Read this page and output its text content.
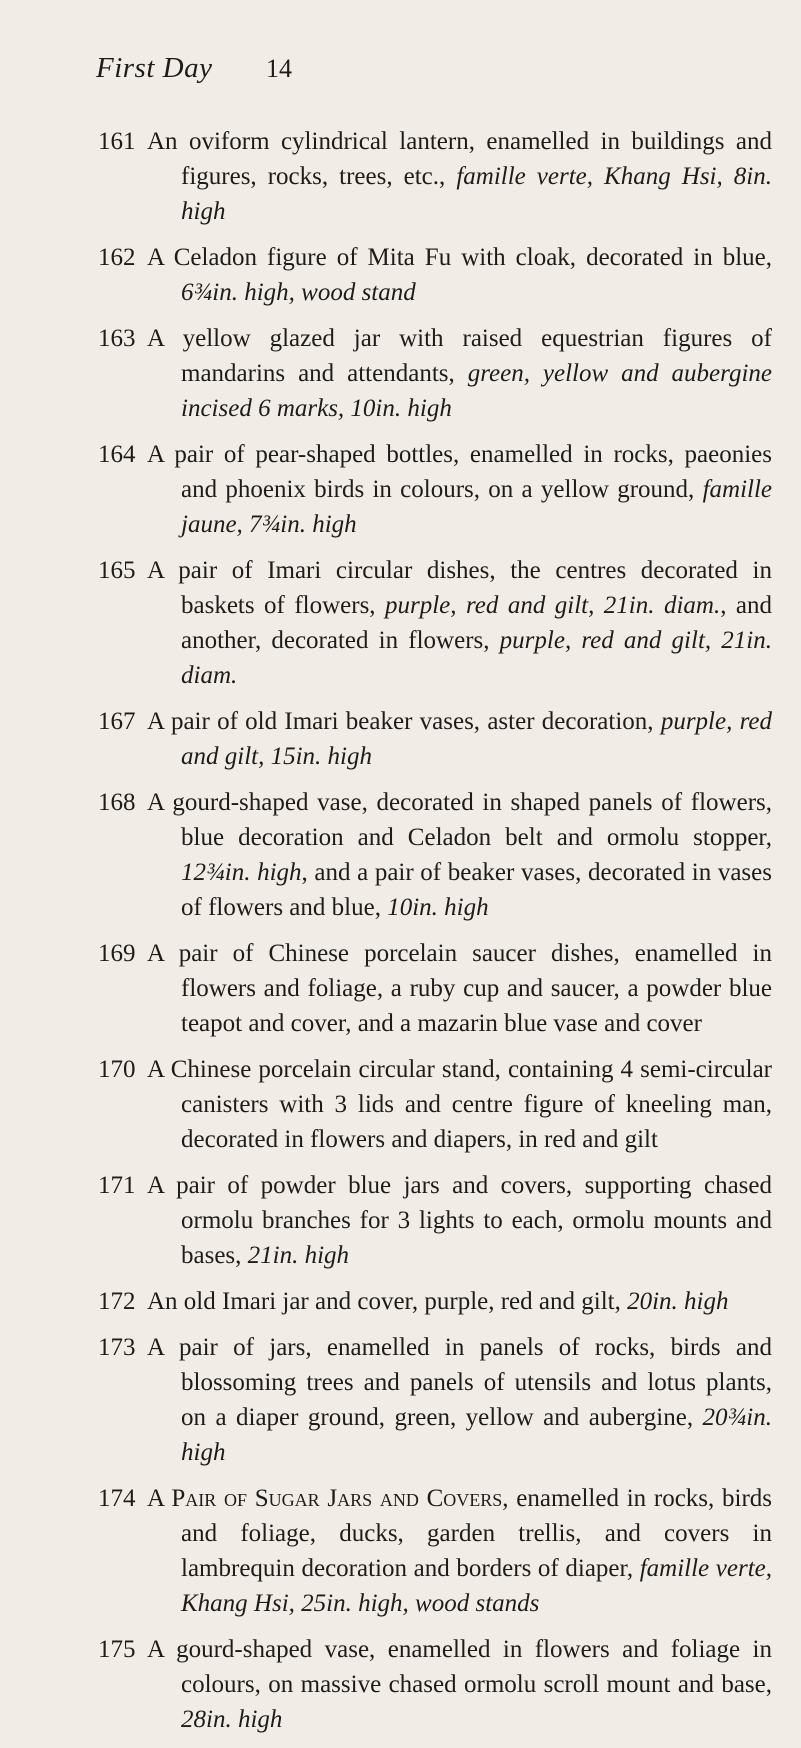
First Day 14
161 An oviform cylindrical lantern, enamelled in buildings and figures, rocks, trees, etc., famille verte, Khang Hsi, 8in. high
162 A Celadon figure of Mita Fu with cloak, decorated in blue, 6¾in. high, wood stand
163 A yellow glazed jar with raised equestrian figures of mandarins and attendants, green, yellow and aubergine incised 6 marks, 10in. high
164 A pair of pear-shaped bottles, enamelled in rocks, paeonies and phoenix birds in colours, on a yellow ground, famille jaune, 7¾in. high
165 A pair of Imari circular dishes, the centres decorated in baskets of flowers, purple, red and gilt, 21in. diam., and another, decorated in flowers, purple, red and gilt, 21in. diam.
167 A pair of old Imari beaker vases, aster decoration, purple, red and gilt, 15in. high
168 A gourd-shaped vase, decorated in shaped panels of flowers, blue decoration and Celadon belt and ormolu stopper, 12¾in. high, and a pair of beaker vases, decorated in vases of flowers and blue, 10in. high
169 A pair of Chinese porcelain saucer dishes, enamelled in flowers and foliage, a ruby cup and saucer, a powder blue teapot and cover, and a mazarin blue vase and cover
170 A Chinese porcelain circular stand, containing 4 semi-circular canisters with 3 lids and centre figure of kneeling man, decorated in flowers and diapers, in red and gilt
171 A pair of powder blue jars and covers, supporting chased ormolu branches for 3 lights to each, ormolu mounts and bases, 21in. high
172 An old Imari jar and cover, purple, red and gilt, 20in. high
173 A pair of jars, enamelled in panels of rocks, birds and blossoming trees and panels of utensils and lotus plants, on a diaper ground, green, yellow and aubergine, 20¾in. high
174 A Pair of Sugar Jars and Covers, enamelled in rocks, birds and foliage, ducks, garden trellis, and covers in lambrequin decoration and borders of diaper, famille verte, Khang Hsi, 25in. high, wood stands
175 A gourd-shaped vase, enamelled in flowers and foliage in colours, on massive chased ormolu scroll mount and base, 28in. high
